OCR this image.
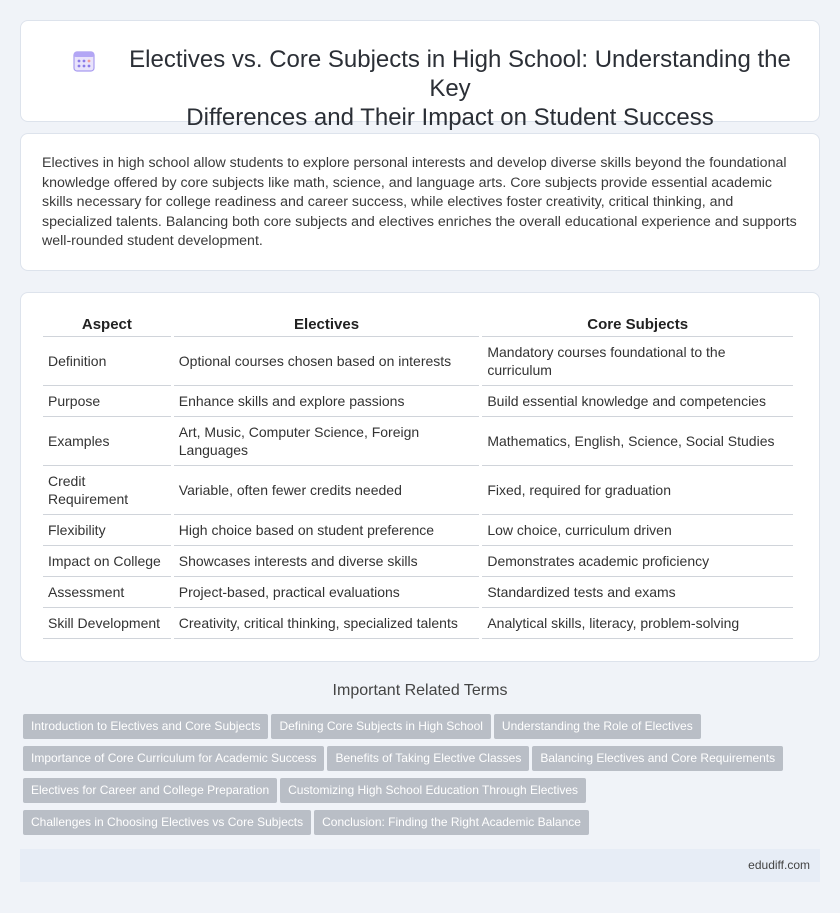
Electives vs. Core Subjects in High School: Understanding the Key
Differences and Their Impact on Student Success

Electives in high school allow students to explore personal interests and develop diverse skills beyond the foundational knowledge offered by core subjects like math, science, and language arts. Core subjects provide essential academic skills necessary for college readiness and career success, while electives foster creativity, critical thinking, and specialized talents. Balancing both core subjects and electives enriches the overall educational experience and supports well-rounded student development.

Aspect	Electives	Core Subjects
Definition	Optional courses chosen based on interests	Mandatory courses foundational to the curriculum
Purpose	Enhance skills and explore passions	Build essential knowledge and competencies
Examples	Art, Music, Computer Science, Foreign Languages	Mathematics, English, Science, Social Studies
Credit Requirement	Variable, often fewer credits needed	Fixed, required for graduation
Flexibility	High choice based on student preference	Low choice, curriculum driven
Impact on College	Showcases interests and diverse skills	Demonstrates academic proficiency
Assessment	Project-based, practical evaluations	Standardized tests and exams
Skill Development	Creativity, critical thinking, specialized talents	Analytical skills, literacy, problem-solving
Important Related Terms
Introduction to Electives and Core Subjects Defining Core Subjects in High School Understanding the Role of Electives
Importance of Core Curriculum for Academic Success Benefits of Taking Elective Classes Balancing Electives and Core Requirements
Electives for Career and College Preparation Customizing High School Education Through Electives
Challenges in Choosing Electives vs Core Subjects Conclusion: Finding the Right Academic Balance
edudiff.com
